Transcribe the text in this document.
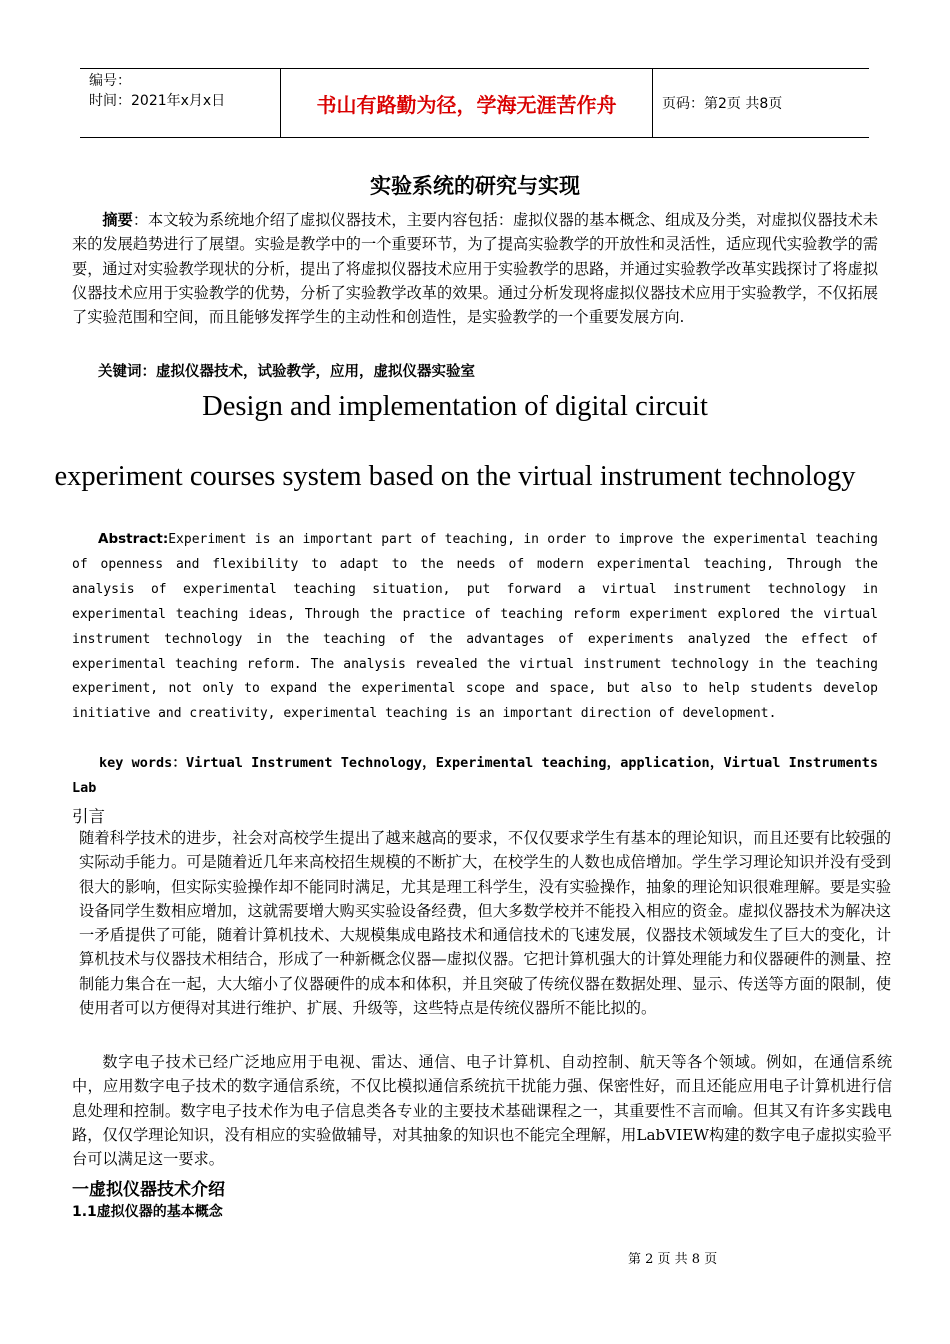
编号：
时间：2021年x月x日	书山有路勤为径，学海无涯苦作舟	页码：第2页 共8页
实验系统的研究与实现
摘要：本文较为系统地介绍了虚拟仪器技术，主要内容包括：虚拟仪器的基本概念、组成及分类，对虚拟仪器技术未来的发展趋势进行了展望。实验是教学中的一个重要环节，为了提高实验教学的开放性和灵活性，适应现代实验教学的需要，通过对实验教学现状的分析，提出了将虚拟仪器技术应用于实验教学的思路，并通过实验教学改革实践探讨了将虚拟仪器技术应用于实验教学的优势，分析了实验教学改革的效果。通过分析发现将虚拟仪器技术应用于实验教学，不仅拓展了实验范围和空间，而且能够发挥学生的主动性和创造性，是实验教学的一个重要发展方向.
关键词：虚拟仪器技术，试验教学，应用，虚拟仪器实验室
Design and implementation of digital circuit
experiment courses system based on the virtual instrument technology
Abstract:Experiment is an important part of teaching, in order to improve the experimental teaching of openness and flexibility to adapt to the needs of modern experimental teaching, Through the analysis of experimental teaching situation, put forward a virtual instrument technology in experimental teaching ideas, Through the practice of teaching reform experiment explored the virtual instrument technology in the teaching of the advantages of experiments analyzed the effect of experimental teaching reform. The analysis revealed the virtual instrument technology in the teaching experiment, not only to expand the experimental scope and space, but also to help students develop initiative and creativity, experimental teaching is an important direction of development.
key words：Virtual Instrument Technology，Experimental teaching，application，Virtual Instruments Lab
引言
随着科学技术的进步，社会对高校学生提出了越来越高的要求，不仅仅要求学生有基本的理论知识，而且还要有比较强的实际动手能力。可是随着近几年来高校招生规模的不断扩大，在校学生的人数也成倍增加。学生学习理论知识并没有受到很大的影响，但实际实验操作却不能同时满足，尤其是理工科学生，没有实验操作，抽象的理论知识很难理解。要是实验设备同学生数相应增加，这就需要增大购买实验设备经费，但大多数学校并不能投入相应的资金。虚拟仪器技术为解决这一矛盾提供了可能，随着计算机技术、大规模集成电路技术和通信技术的飞速发展，仪器技术领域发生了巨大的变化，计算机技术与仪器技术相结合，形成了一种新概念仪器—虚拟仪器。它把计算机强大的计算处理能力和仪器硬件的测量、控制能力集合在一起，大大缩小了仪器硬件的成本和体积，并且突破了传统仪器在数据处理、显示、传送等方面的限制，使使用者可以方便得对其进行维护、扩展、升级等，这些特点是传统仪器所不能比拟的。
数字电子技术已经广泛地应用于电视、雷达、通信、电子计算机、自动控制、航天等各个领域。例如，在通信系统中，应用数字电子技术的数字通信系统，不仅比模拟通信系统抗干扰能力强、保密性好，而且还能应用电子计算机进行信息处理和控制。数字电子技术作为电子信息类各专业的主要技术基础课程之一，其重要性不言而喻。但其又有许多实践电路，仅仅学理论知识，没有相应的实验做辅导，对其抽象的知识也不能完全理解，用LabVIEW构建的数字电子虚拟实验平台可以满足这一要求。
一虚拟仪器技术介绍
1.1虚拟仪器的基本概念
第 2 页 共 8 页
